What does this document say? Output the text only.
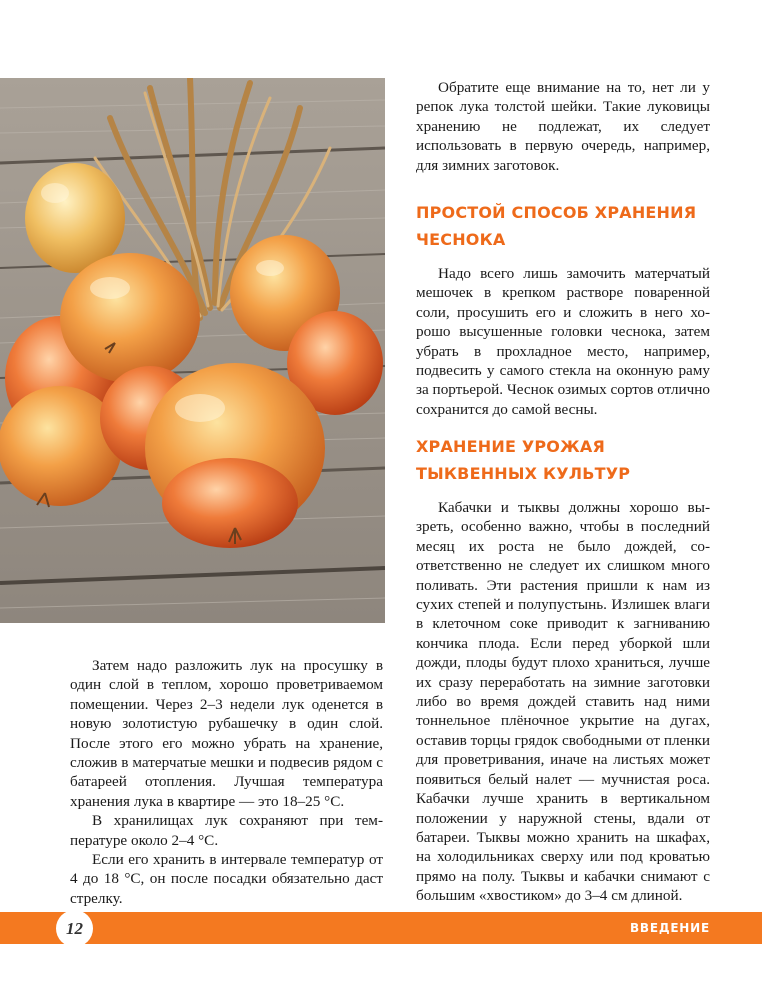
Затем надо разложить лук на просушку в один слой в теплом, хорошо проветриваемом помещении. Через 2–3 недели лук оденется в новую золотистую рубашечку в один слой. После этого его можно убрать на хранение, сложив в матерчатые мешки и подвесив рядом с батареей отопления. Лучшая температура хранения лука в квартире — это 18–25 °С.

В хранилищах лук сохраняют при температуре около 2–4 °С.

Если его хранить в интервале температур от 4 до 18 °С, он после посадки обязательно даст стрелку.

Обратите еще внимание на то, нет ли у репок лука толстой шейки. Такие луковицы хранению не подлежат, их следует использовать в первую очередь, например, для зимних заготовок.

ПРОСТОЙ СПОСОБ ХРАНЕНИЯ ЧЕСНОКА

Надо всего лишь замочить матерчатый мешочек в крепком растворе поваренной соли, просушить его и сложить в него хорошо высушенные головки чеснока, затем убрать в прохладное место, например, подвесить у самого стекла на оконную раму за портьерой. Чеснок озимых сортов отлично сохранится до самой весны.

ХРАНЕНИЕ УРОЖАЯ ТЫКВЕННЫХ КУЛЬТУР

Кабачки и тыквы должны хорошо вызреть, особенно важно, чтобы в последний месяц их роста не было дождей, соответственно не следует их слишком много поливать. Эти растения пришли к нам из сухих степей и полупустынь. Излишек влаги в клеточном соке приводит к загниванию кончика плода. Если перед уборкой шли дожди, плоды будут плохо храниться, лучше их сразу переработать на зимние заготовки либо во время дождей ставить над ними тоннельное плёночное укрытие на дугах, оставив торцы грядок свободными от пленки для проветривания, иначе на листьях может появиться белый налет — мучнистая роса. Кабачки лучше хранить в вертикальном положении у наружной стены, вдали от батареи. Тыквы можно хранить на шкафах, на холодильниках сверху или под кроватью прямо на полу. Тыквы и кабачки снимают с большим «хвостиком» до 3–4 см длиной.

12	ВВЕДЕНИЕ
